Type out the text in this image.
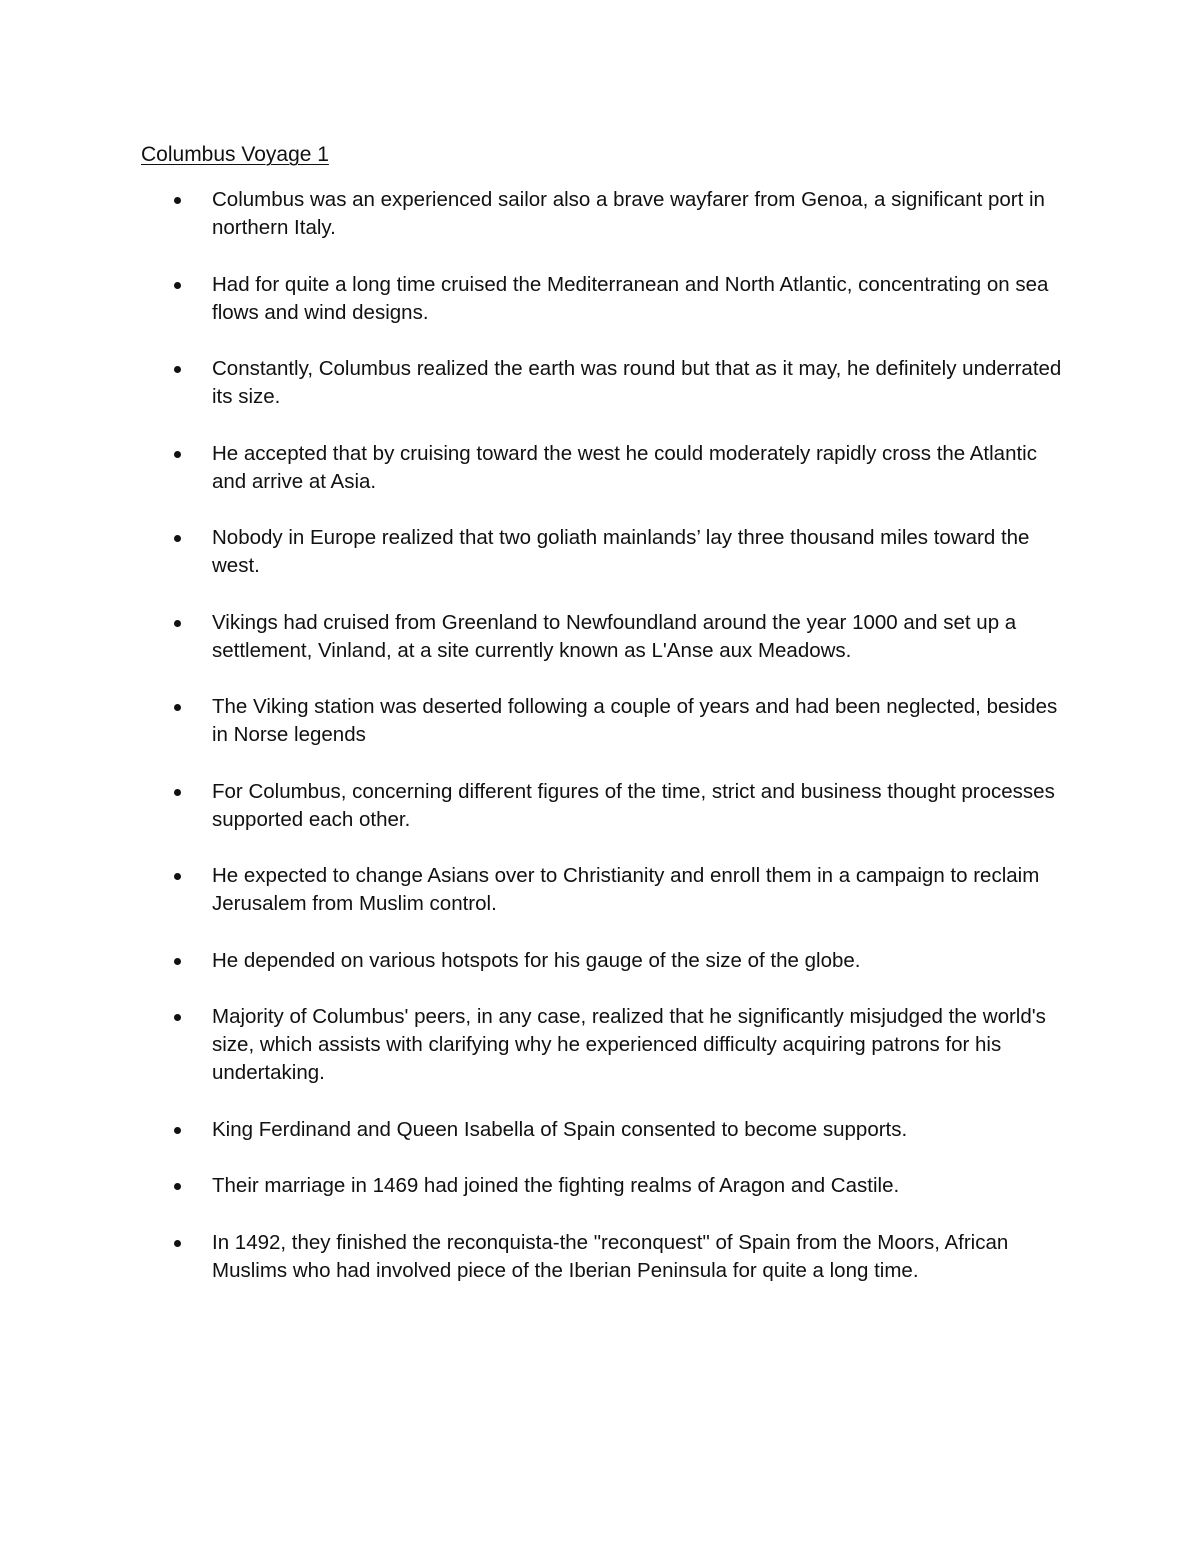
Columbus Voyage 1
Columbus was an experienced sailor also a brave wayfarer from Genoa, a significant port in northern Italy.
Had for quite a long time cruised the Mediterranean and North Atlantic, concentrating on sea flows and wind designs.
Constantly, Columbus realized the earth was round but that as it may, he definitely underrated its size.
He accepted that by cruising toward the west he could moderately rapidly cross the Atlantic and arrive at Asia.
Nobody in Europe realized that two goliath mainlands’ lay three thousand miles toward the west.
Vikings had cruised from Greenland to Newfoundland around the year 1000 and set up a settlement, Vinland, at a site currently known as L'Anse aux Meadows.
The Viking station was deserted following a couple of years and had been neglected, besides in Norse legends
For Columbus, concerning different figures of the time, strict and business thought processes supported each other.
He expected to change Asians over to Christianity and enroll them in a campaign to reclaim Jerusalem from Muslim control.
He depended on various hotspots for his gauge of the size of the globe.
Majority of Columbus' peers, in any case, realized that he significantly misjudged the world's size, which assists with clarifying why he experienced difficulty acquiring patrons for his undertaking.
King Ferdinand and Queen Isabella of Spain consented to become supports.
Their marriage in 1469 had joined the fighting realms of Aragon and Castile.
In 1492, they finished the reconquista-the "reconquest" of Spain from the Moors, African Muslims who had involved piece of the Iberian Peninsula for quite a long time.
